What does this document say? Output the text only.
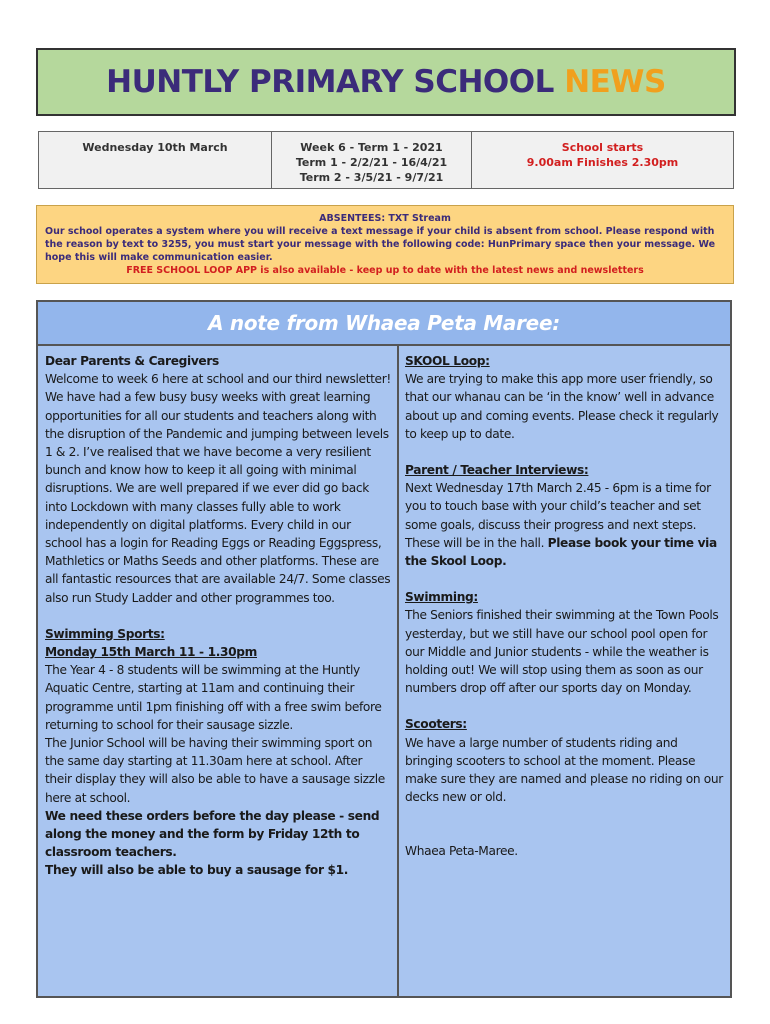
HUNTLY PRIMARY SCHOOL NEWS
Wednesday 10th March	Week 6 - Term 1 - 2021
Term 1 - 2/2/21 - 16/4/21
Term 2 - 3/5/21 - 9/7/21
School starts
9.00am Finishes 2.30pm
ABSENTEES: TXT Stream
Our school operates a system where you will receive a text message if your child is absent from school. Please respond with the reason by text to 3255, you must start your message with the following code: HunPrimary space then your message. We hope this will make communication easier.
FREE SCHOOL LOOP APP is also available - keep up to date with the latest news and newsletters
A note from Whaea Peta Maree:
Dear Parents & Caregivers
Welcome to week 6 here at school and our third newsletter! We have had a few busy busy weeks with great learning opportunities for all our students and teachers along with the disruption of the Pandemic and jumping between levels 1 & 2. I’ve realised that we have become a very resilient bunch and know how to keep it all going with minimal disruptions. We are well prepared if we ever did go back into Lockdown with many classes fully able to work independently on digital platforms. Every child in our school has a login for Reading Eggs or Reading Eggspress, Mathletics or Maths Seeds and other platforms. These are all fantastic resources that are available 24/7. Some classes also run Study Ladder and other programmes too.
Swimming Sports:
Monday 15th March 11 - 1.30pm
The Year 4 - 8 students will be swimming at the Huntly Aquatic Centre, starting at 11am and continuing their programme until 1pm finishing off with a free swim before returning to school for their sausage sizzle.
The Junior School will be having their swimming sport on the same day starting at 11.30am here at school. After their display they will also be able to have a sausage sizzle here at school.
We need these orders before the day please - send along the money and the form by Friday 12th to classroom teachers.
They will also be able to buy a sausage for $1.
SKOOL Loop:
We are trying to make this app more user friendly, so that our whanau can be ‘in the know’ well in advance about up and coming events. Please check it regularly to keep up to date.
Parent / Teacher Interviews:
Next Wednesday 17th March 2.45 - 6pm is a time for you to touch base with your child’s teacher and set some goals, discuss their progress and next steps. These will be in the hall. Please book your time via the Skool Loop.
Swimming:
The Seniors finished their swimming at the Town Pools yesterday, but we still have our school pool open for our Middle and Junior students - while the weather is holding out! We will stop using them as soon as our numbers drop off after our sports day on Monday.
Scooters:
We have a large number of students riding and bringing scooters to school at the moment. Please make sure they are named and please no riding on our decks new or old.
Whaea Peta-Maree.
